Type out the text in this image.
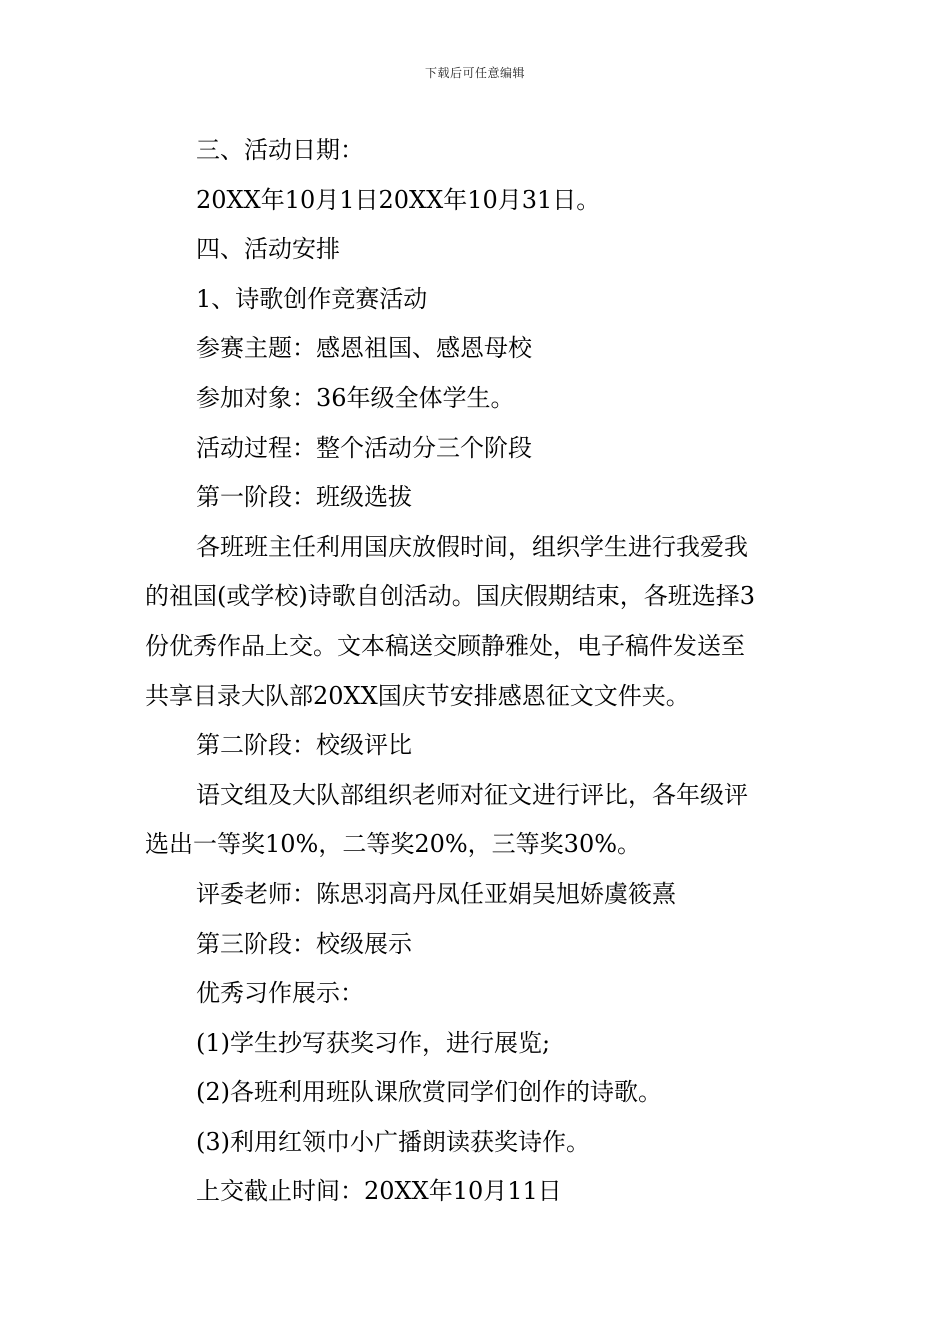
下载后可任意编辑

三、活动日期：

20XX年10月1日20XX年10月31日。

四、活动安排

1、诗歌创作竞赛活动

参赛主题：感恩祖国、感恩母校

参加对象：36年级全体学生。

活动过程：整个活动分三个阶段

第一阶段：班级选拔

各班班主任利用国庆放假时间，组织学生进行我爱我

的祖国(或学校)诗歌自创活动。国庆假期结束，各班选择3

份优秀作品上交。文本稿送交顾静雅处，电子稿件发送至

共享目录大队部20XX国庆节安排感恩征文文件夹。

第二阶段：校级评比

语文组及大队部组织老师对征文进行评比，各年级评

选出一等奖10%，二等奖20%，三等奖30%。

评委老师：陈思羽高丹凤任亚娟吴旭娇虞筱熹

第三阶段：校级展示

优秀习作展示：

(1)学生抄写获奖习作，进行展览;

(2)各班利用班队课欣赏同学们创作的诗歌。

(3)利用红领巾小广播朗读获奖诗作。

上交截止时间：20XX年10月11日
